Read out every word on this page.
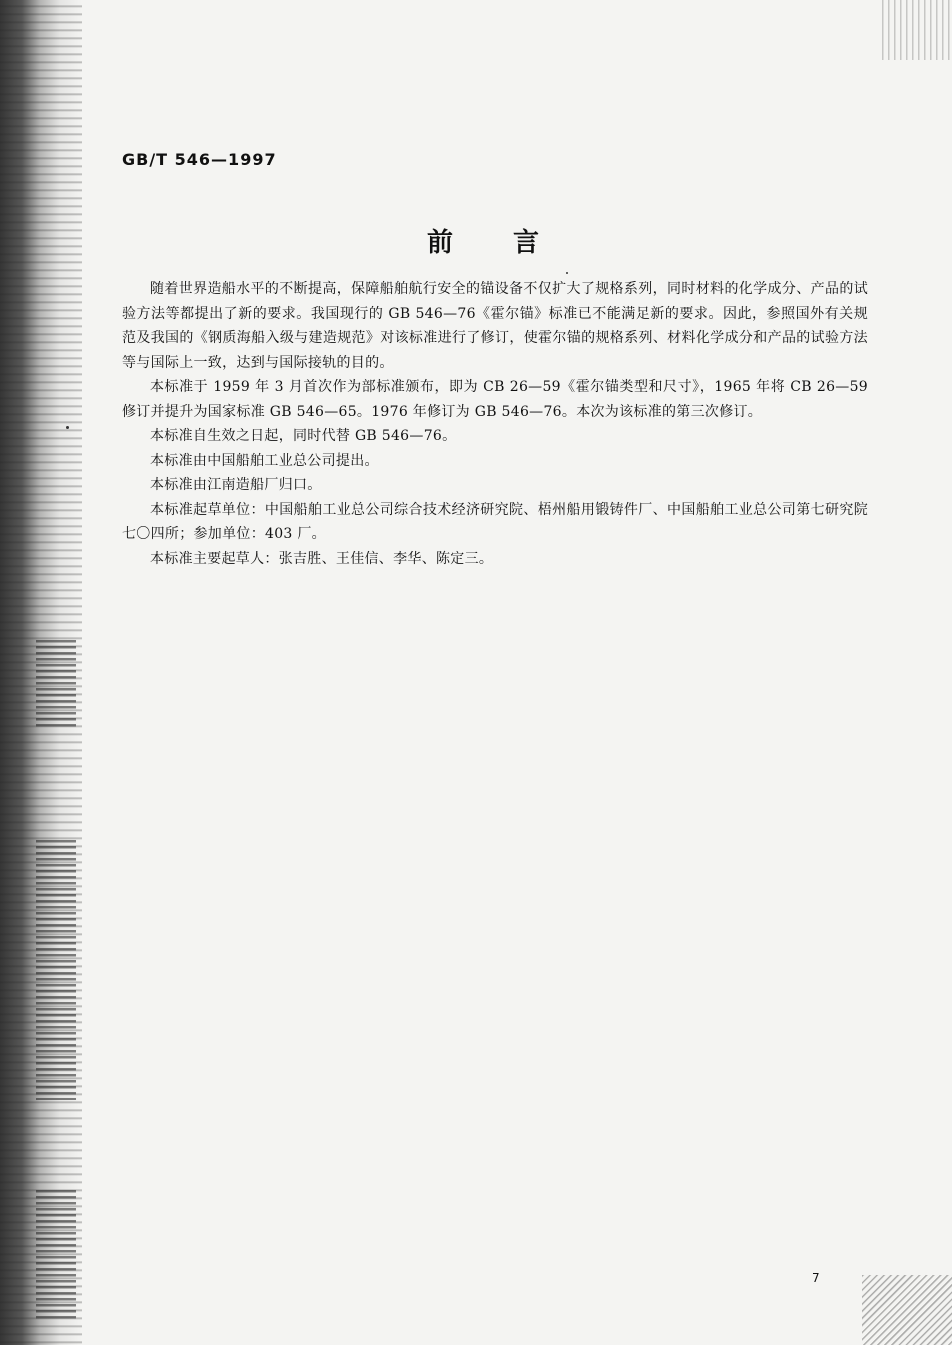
GB/T 546—1997
前言

随着世界造船水平的不断提高，保障船舶航行安全的锚设备不仅扩大了规格系列，同时材料的化学成分、产品的试验方法等都提出了新的要求。我国现行的 GB 546—76《霍尔锚》标准已不能满足新的要求。因此，参照国外有关规范及我国的《钢质海船入级与建造规范》对该标准进行了修订，使霍尔锚的规格系列、材料化学成分和产品的试验方法等与国际上一致，达到与国际接轨的目的。

本标准于 1959 年 3 月首次作为部标准颁布，即为 CB 26—59《霍尔锚类型和尺寸》，1965 年将 CB 26—59修订并提升为国家标准 GB 546—65。1976 年修订为 GB 546—76。本次为该标准的第三次修订。

本标准自生效之日起，同时代替 GB 546—76。

本标准由中国船舶工业总公司提出。

本标准由江南造船厂归口。

本标准起草单位：中国船舶工业总公司综合技术经济研究院、梧州船用锻铸件厂、中国船舶工业总公司第七研究院七〇四所；参加单位：403 厂。

本标准主要起草人：张吉胜、王佳信、李华、陈定三。

7
